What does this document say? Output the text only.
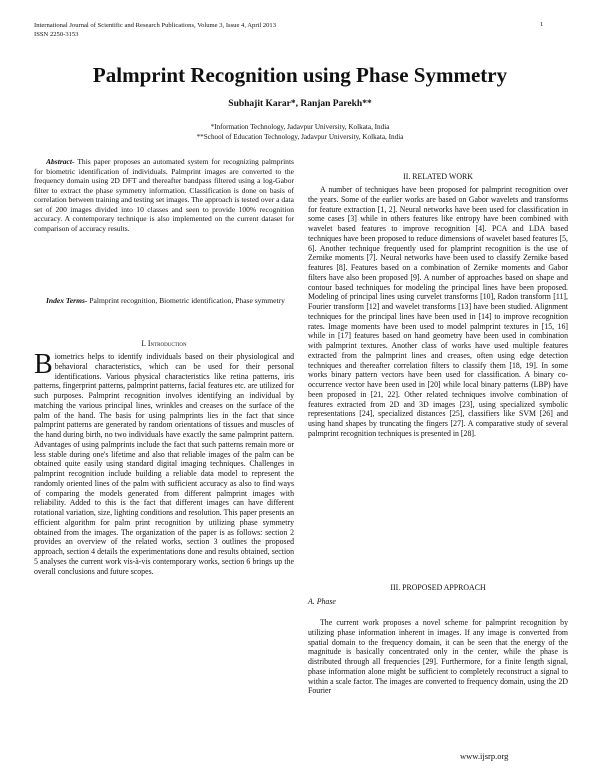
International Journal of Scientific and Research Publications, Volume 3, Issue 4, April 2013
ISSN 2250-3153
1
Palmprint Recognition using Phase Symmetry
Subhajit Karar*, Ranjan Parekh**
*Information Technology, Jadavpur University, Kolkata, India
**School of Education Technology, Jadavpur University, Kolkata, India

Abstract- This paper proposes an automated system for recognizing palmprints for biometric identification of individuals. Palmprint images are converted to the frequency domain using 2D DFT and thereafter bandpass filtered using a log-Gabor filter to extract the phase symmetry information. Classification is done on basis of correlation between training and testing set images. The approach is tested over a data set of 200 images divided into 10 classes and seen to provide 100% recognition accuracy. A contemporary technique is also implemented on the current dataset for comparison of accuracy results.

Index Terms- Palmprint recognition, Biometric identification, Phase symmetry

I. Introduction

Biometrics helps to identify individuals based on their physiological and behavioral characteristics, which can be used for their personal identifications. Various physical characteristics like retina patterns, iris patterns, fingerprint patterns, palmprint patterns, facial features etc. are utilized for such purposes. Palmprint recognition involves identifying an individual by matching the various principal lines, wrinkles and creases on the surface of the palm of the hand. The basis for using palmprints lies in the fact that since palmprint patterns are generated by random orientations of tissues and muscles of the hand during birth, no two individuals have exactly the same palmprint pattern. Advantages of using palmprints include the fact that such patterns remain more or less stable during one's lifetime and also that reliable images of the palm can be obtained quite easily using standard digital imaging techniques. Challenges in palmprint recognition include building a reliable data model to represent the randomly oriented lines of the palm with sufficient accuracy as also to find ways of comparing the models generated from different palmprint images with reliability. Added to this is the fact that different images can have different rotational variation, size, lighting conditions and resolution. This paper presents an efficient algorithm for palm print recognition by utilizing phase symmetry obtained from the images. The organization of the paper is as follows: section 2 provides an overview of the related works, section 3 outlines the proposed approach, section 4 details the experimentations done and results obtained, section 5 analyses the current work vis-à-vis contemporary works, section 6 brings up the overall conclusions and future scopes.

II. RELATED WORK

A number of techniques have been proposed for palmprint recognition over the years. Some of the earlier works are based on Gabor wavelets and transforms for feature extraction [1, 2]. Neural networks have been used for classification in some cases [3] while in others features like entropy have been combined with wavelet based features to improve recognition [4]. PCA and LDA based techniques have been proposed to reduce dimensions of wavelet based features [5, 6]. Another technique frequently used for plamprint recognition is the use of Zernike moments [7]. Neural networks have been used to classify Zernike based features [8]. Features based on a combination of Zernike moments and Gabor filters have also been proposed [9]. A number of approaches based on shape and contour based techniques for modeling the principal lines have been proposed. Modeling of principal lines using curvelet transforms [10], Radon transform [11], Fourier transform [12] and wavelet transforms [13] have been studied. Alignment techniques for the principal lines have been used in [14] to improve recognition rates. Image moments have been used to model palmprint textures in [15, 16] while in [17] features based on hand geometry have been used in combination with palmprint textures. Another class of works have used multiple features extracted from the palmprint lines and creases, often using edge detection techniques and thereafter correlation filters to classify them [18, 19]. In some works binary pattern vectors have been used for classification. A binary co-occurrence vector have been used in [20] while local binary patterns (LBP) have been proposed in [21, 22]. Other related techniques involve combination of features extracted from 2D and 3D images [23], using specialized symbolic representations [24], specialized distances [25], classifiers like SVM [26] and using hand shapes by truncating the fingers [27]. A comparative study of several palmprint recognition techniques is presented in [28].

III. PROPOSED APPROACH
A. Phase

The current work proposes a novel scheme for palmprint recognition by utilizing phase information inherent in images. If any image is converted from spatial domain to the frequency domain, it can be seen that the energy of the magnitude is basically concentrated only in the center, while the phase is distributed through all frequencies [29]. Furthermore, for a finite length signal, phase information alone might be sufficient to completely reconstruct a signal to within a scale factor. The images are converted to frequency domain, using the 2D Fourier

www.ijsrp.org
